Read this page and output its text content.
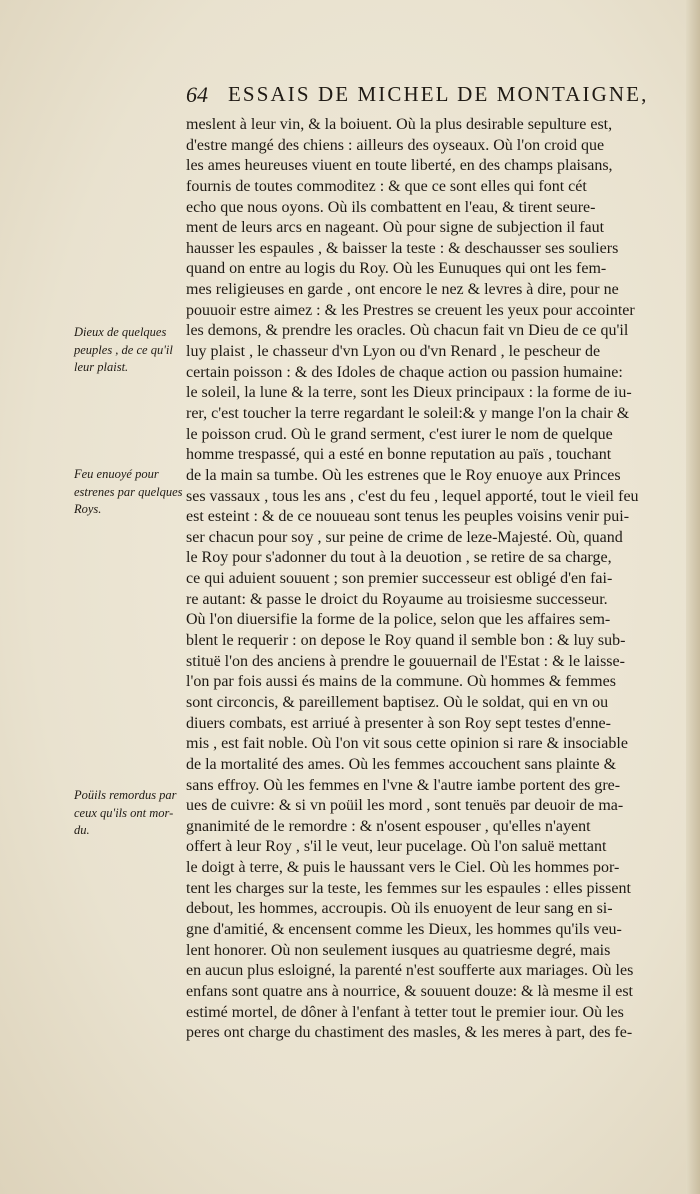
64 ESSAIS DE MICHEL DE MONTAIGNE,
Dieux de quelques
peuples , de ce qu'il
leur plaist.
Feu enuoyé pour
estrenes par quelques
Roys.
Poüils remordus par
ceux qu'ils ont mor-
du.
meslent à leur vin, & la boiuent. Où la plus desirable sepulture est,
d'estre mangé des chiens : ailleurs des oyseaux. Où l'on croid que
les ames heureuses viuent en toute liberté, en des champs plaisans,
fournis de toutes commoditez : & que ce sont elles qui font cét
echo que nous oyons. Où ils combattent en l'eau, & tirent seure-
ment de leurs arcs en nageant. Où pour signe de subjection il faut
hausser les espaules , & baisser la teste : & deschausser ses souliers
quand on entre au logis du Roy. Où les Eunuques qui ont les fem-
mes religieuses en garde , ont encore le nez & levres à dire, pour ne
pouuoir estre aimez : & les Prestres se creuent les yeux pour accointer
les demons, & prendre les oracles. Où chacun fait vn Dieu de ce qu'il
luy plaist , le chasseur d'vn Lyon ou d'vn Renard , le pescheur de
certain poisson : & des Idoles de chaque action ou passion humaine:
le soleil, la lune & la terre, sont les Dieux principaux : la forme de iu-
rer, c'est toucher la terre regardant le soleil:& y mange l'on la chair &
le poisson crud. Où le grand serment, c'est iurer le nom de quelque
homme trespassé, qui a esté en bonne reputation au païs , touchant
de la main sa tumbe. Où les estrenes que le Roy enuoye aux Princes
ses vassaux , tous les ans , c'est du feu , lequel apporté, tout le vieil feu
est esteint : & de ce nouueau sont tenus les peuples voisins venir pui-
ser chacun pour soy , sur peine de crime de leze-Majesté. Où, quand
le Roy pour s'adonner du tout à la deuotion , se retire de sa charge,
ce qui aduient souuent ; son premier successeur est obligé d'en fai-
re autant: & passe le droict du Royaume au troisiesme successeur.
Où l'on diuersifie la forme de la police, selon que les affaires sem-
blent le requerir : on depose le Roy quand il semble bon : & luy sub-
stituë l'on des anciens à prendre le gouuernail de l'Estat : & le laisse-
l'on par fois aussi és mains de la commune. Où hommes & femmes
sont circoncis, & pareillement baptisez. Où le soldat, qui en vn ou
diuers combats, est arriué à presenter à son Roy sept testes d'enne-
mis , est fait noble. Où l'on vit sous cette opinion si rare & insociable
de la mortalité des ames. Où les femmes accouchent sans plainte &
sans effroy. Où les femmes en l'vne & l'autre iambe portent des gre-
ues de cuivre: & si vn poüil les mord , sont tenuës par deuoir de ma-
gnanimité de le remordre : & n'osent espouser , qu'elles n'ayent
offert à leur Roy , s'il le veut, leur pucelage. Où l'on saluë mettant
le doigt à terre, & puis le haussant vers le Ciel. Où les hommes por-
tent les charges sur la teste, les femmes sur les espaules : elles pissent
debout, les hommes, accroupis. Où ils enuoyent de leur sang en si-
gne d'amitié, & encensent comme les Dieux, les hommes qu'ils veu-
lent honorer. Où non seulement iusques au quatriesme degré, mais
en aucun plus esloigné, la parenté n'est soufferte aux mariages. Où les
enfans sont quatre ans à nourrice, & souuent douze: & là mesme il est
estimé mortel, de dôner à l'enfant à tetter tout le premier iour. Où les
peres ont charge du chastiment des masles, & les meres à part, des fe-
